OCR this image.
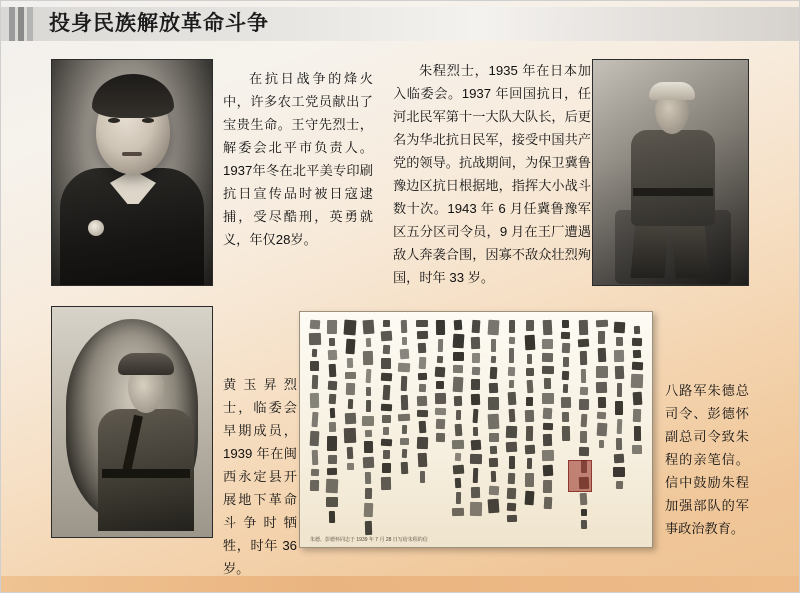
投身民族解放革命斗争
在抗日战争的烽火中，许多农工党员献出了宝贵生命。王守先烈士，解委会北平市负责人。1937年冬在北平美专印刷抗日宣传品时被日寇逮捕，受尽酷刑，英勇就义，年仅28岁。
朱程烈士，1935 年在日本加入临委会。1937 年回国抗日，任河北民军第十一大队大队长，后更名为华北抗日民军，接受中国共产党的领导。抗战期间，为保卫冀鲁豫边区抗日根据地，指挥大小战斗数十次。1943 年 6 月任冀鲁豫军区五分区司令员，9 月在王厂遭遇敌人奔袭合围，因寡不敌众壮烈殉国，时年 33 岁。
黄玉昇烈士，临委会早期成员，1939 年在闽西永定县开展地下革命斗争时牺牲，时年 36 岁。
朱德、彭德怀同志于 1939 年 7 月 28 日写给朱程的信
八路军朱德总司令、彭德怀副总司令致朱程的亲笔信。信中鼓励朱程加强部队的军事政治教育。
